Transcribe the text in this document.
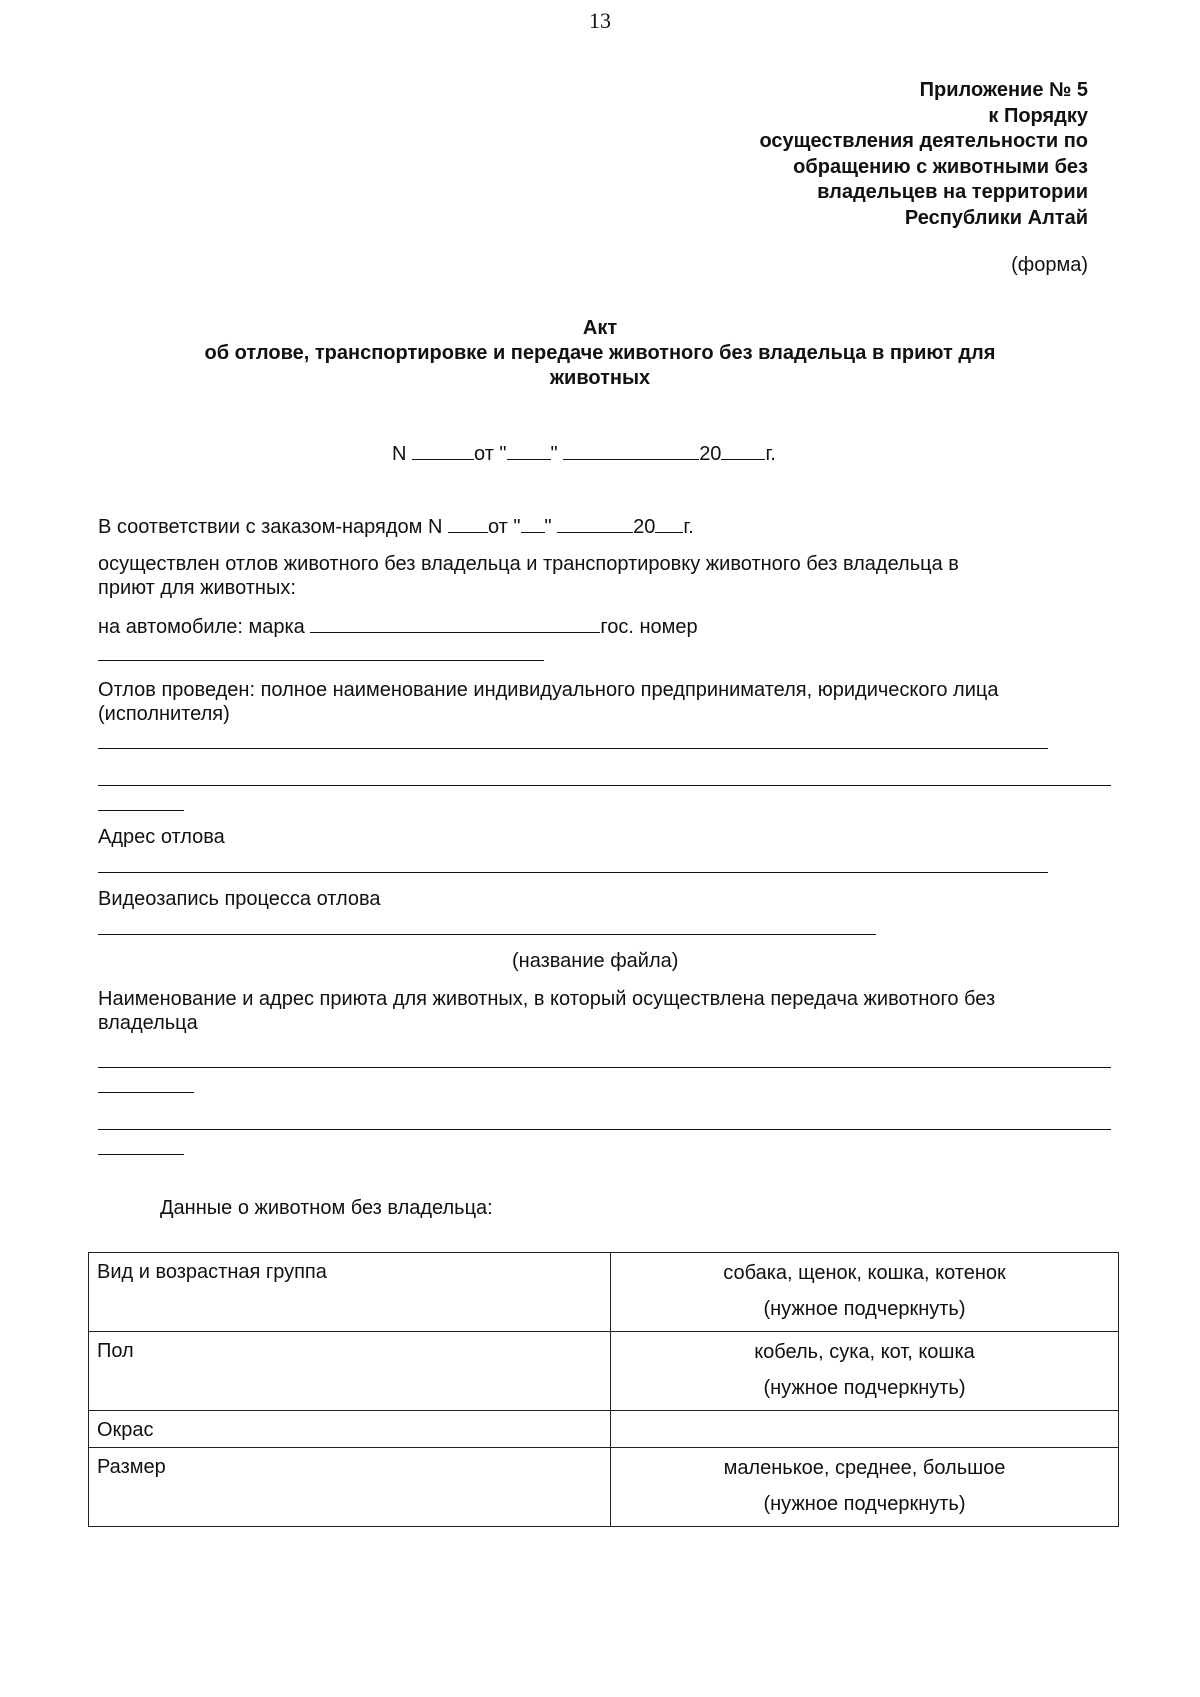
13
Приложение № 5
к Порядку
осуществления деятельности по
обращению с животными без
владельцев на территории
Республики Алтай
(форма)
Акт
об отлове, транспортировке и передаче животного без владельца в приют для
животных
N	от " "	20 г.
В соответствии с заказом-нарядом N от " "	20 г.
осуществлен отлов животного без владельца и транспортировку животного без владельца в
приют для животных:
на автомобиле: марка	гос. номер
Отлов проведен: полное наименование индивидуального предпринимателя, юридического лица
(исполнителя)
Адрес отлова
Видеозапись процесса отлова
(название файла)
Наименование и адрес приюта для животных, в который осуществлена передача животного без
владельца
Данные о животном без владельца:
Вид и возрастная группа	собака, щенок, кошка, котенок
(нужное подчеркнуть)

Пол	кобель, сука, кот, кошка
(нужное подчеркнуть)

Окрас	
Размер	маленькое, среднее, большое
(нужное подчеркнуть)
